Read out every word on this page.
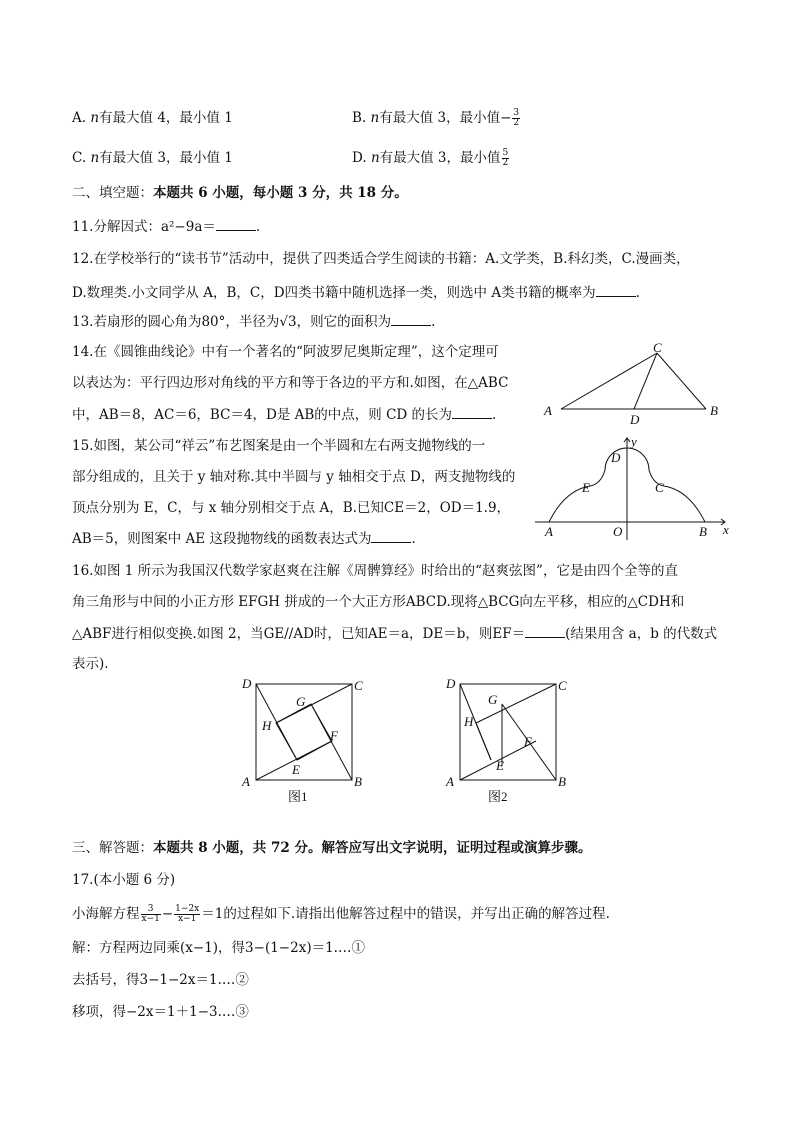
A. n有最大值 4，最小值 1	B. n有最大值 3，最小值− $\frac{3}{2}$
C. n有最大值 3，最小值 1	D. n有最大值 3，最小值 $\frac{5}{2}$
二、填空题：本题共 6 小题，每小题 3 分，共 18 分。
11.分解因式：a²−9a＝	.
12.在学校举行的“读书节”活动中，提供了四类适合学生阅读的书籍：A.文学类，B.科幻类，C.漫画类，
D.数理类.小文同学从 A，B，C，D四类书籍中随机选择一类，则选中 A类书籍的概率为	.
13.若扇形的圆心角为80°，半径为√3，则它的面积为	.
14.在《圆锥曲线论》中有一个著名的“阿波罗尼奥斯定理”，这个定理可
以表达为：平行四边形对角线的平方和等于各边的平方和.如图，在△ABC
中，AB＝8，AC＝6，BC＝4，D是 AB的中点，则 CD 的长为	.	A	B
C
D
15.如图，某公司“祥云”布艺图案是由一个半圆和左右两支抛物线的一
部分组成的，且关于 y 轴对称.其中半圆与 y 轴相交于点 D，两支抛物线的
顶点分别为 E，C，与 x 轴分别相交于点 A，B.已知CE＝2，OD＝1.9，
AB＝5，则图案中 AE 这段抛物线的函数表达式为	.
y
x
D
E	C
A	O	B
16.如图 1 所示为我国汉代数学家赵爽在注解《周髀算经》时给出的“赵爽弦图”，它是由四个全等的直
角三角形与中间的小正方形 EFGH 拼成的一个大正方形ABCD.现将△BCG向左平移，相应的△CDH和
△ABF进行相似变换.如图 2，当GE//AD时，已知AE＝a，DE＝b，则EF＝	(结果用含 a，b 的代数式
表示).
D	C
A	B
G
H
F
E
图1
D	C
A	B
G
H
F
E
图2
三、解答题：本题共 8 小题，共 72 分。解答应写出文字说明，证明过程或演算步骤。
17.(本小题 6 分)
小海解方程 $\frac{3}{x-1} - \frac{1-2x}{x-1} =1$的过程如下.请指出他解答过程中的错误，并写出正确的解答过程.
解：方程两边同乘(x−1)，得3−(1−2x)＝1.…①
去括号，得3−1−2x＝1.…②
移项，得−2x＝1＋1−3.…③
